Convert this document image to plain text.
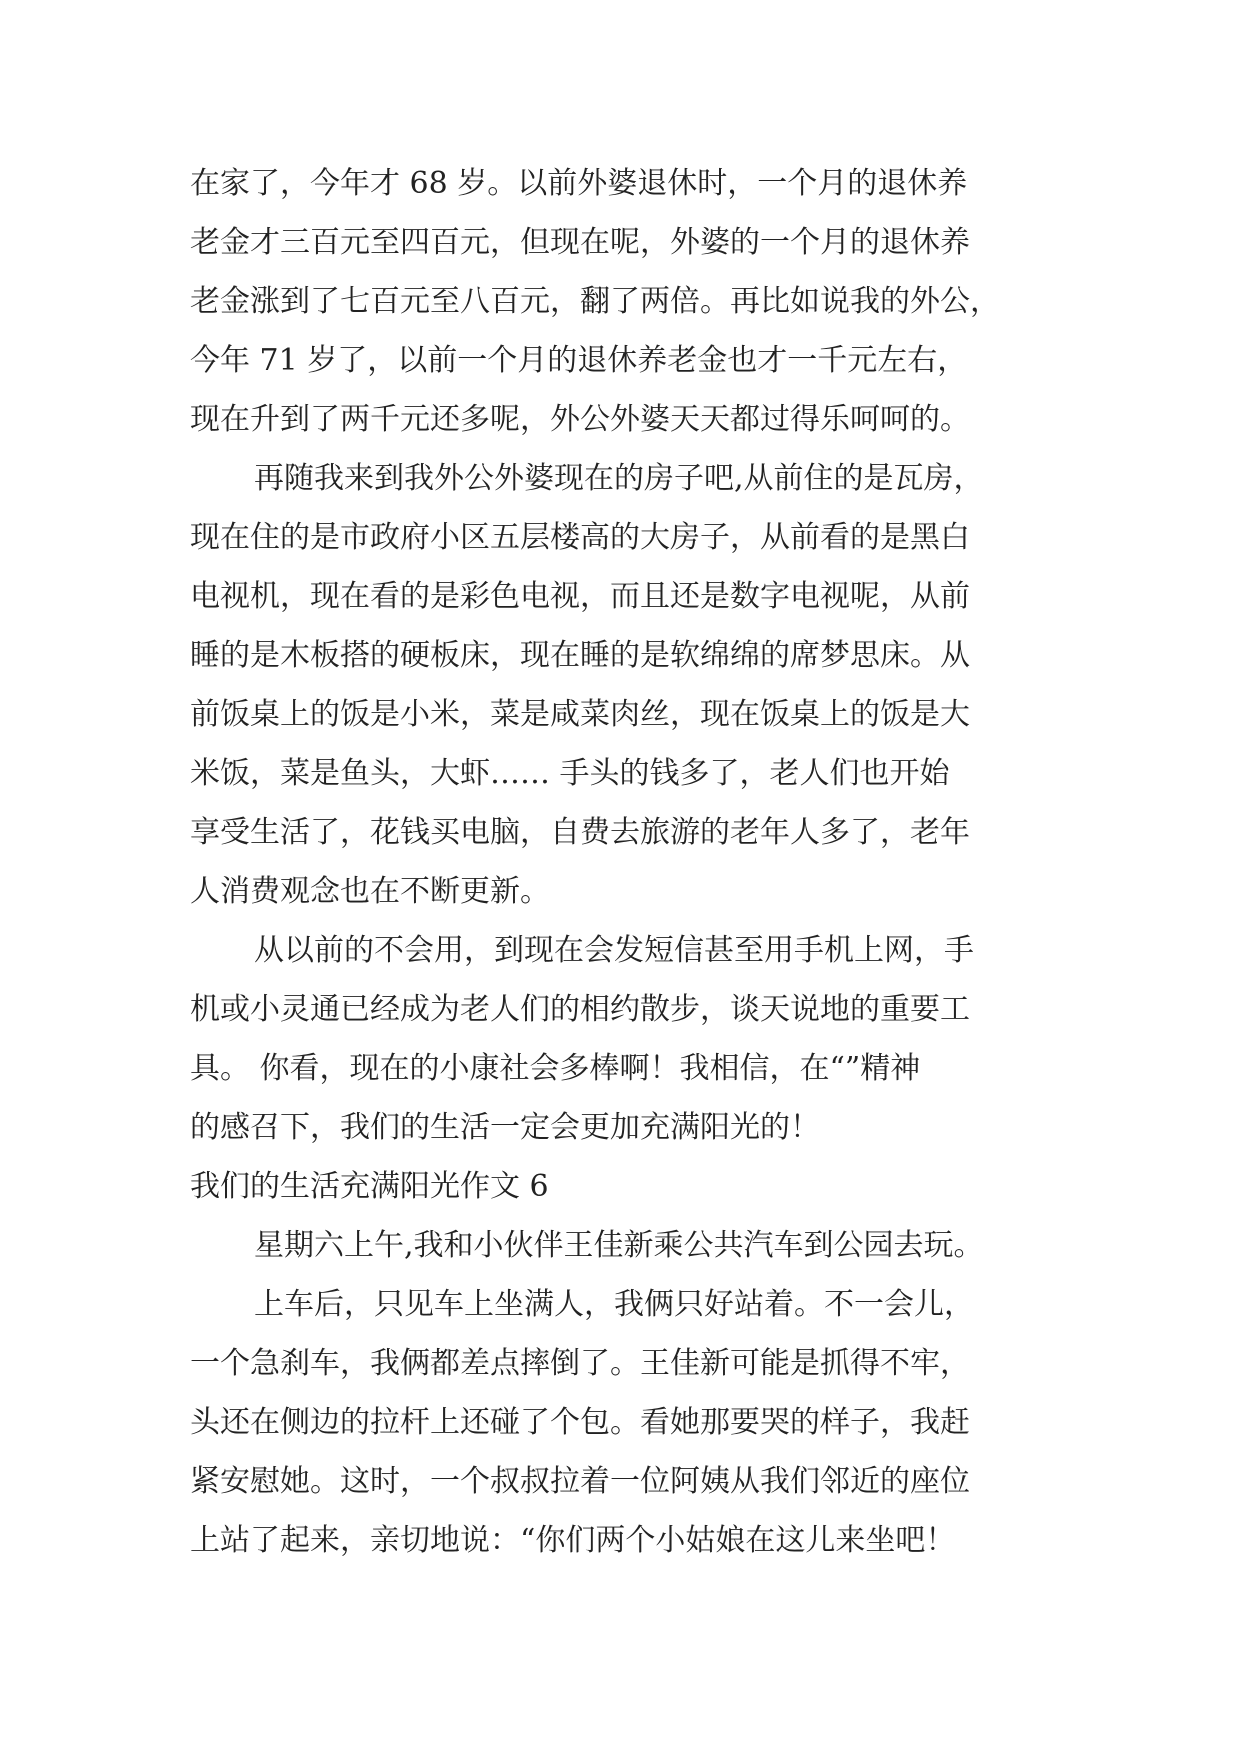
在家了，今年才 68 岁。以前外婆退休时，一个月的退休养
老金才三百元至四百元，但现在呢，外婆的一个月的退休养
老金涨到了七百元至八百元，翻了两倍。再比如说我的外公，
今年 71 岁了，以前一个月的退休养老金也才一千元左右，
现在升到了两千元还多呢，外公外婆天天都过得乐呵呵的。
再随我来到我外公外婆现在的房子吧,从前住的是瓦房，
现在住的是市政府小区五层楼高的大房子，从前看的是黑白
电视机，现在看的是彩色电视，而且还是数字电视呢，从前
睡的是木板搭的硬板床，现在睡的是软绵绵的席梦思床。从
前饭桌上的饭是小米，菜是咸菜肉丝，现在饭桌上的饭是大
米饭，菜是鱼头，大虾…… 手头的钱多了，老人们也开始
享受生活了，花钱买电脑，自费去旅游的老年人多了，老年
人消费观念也在不断更新。
从以前的不会用，到现在会发短信甚至用手机上网，手
机或小灵通已经成为老人们的相约散步，谈天说地的重要工
具。 你看，现在的小康社会多棒啊！我相信，在“”精神
的感召下，我们的生活一定会更加充满阳光的！
我们的生活充满阳光作文 6
星期六上午,我和小伙伴王佳新乘公共汽车到公园去玩。
上车后，只见车上坐满人，我俩只好站着。不一会儿，
一个急刹车，我俩都差点摔倒了。王佳新可能是抓得不牢，
头还在侧边的拉杆上还碰了个包。看她那要哭的样子，我赶
紧安慰她。这时，一个叔叔拉着一位阿姨从我们邻近的座位
上站了起来，亲切地说：“你们两个小姑娘在这儿来坐吧！
